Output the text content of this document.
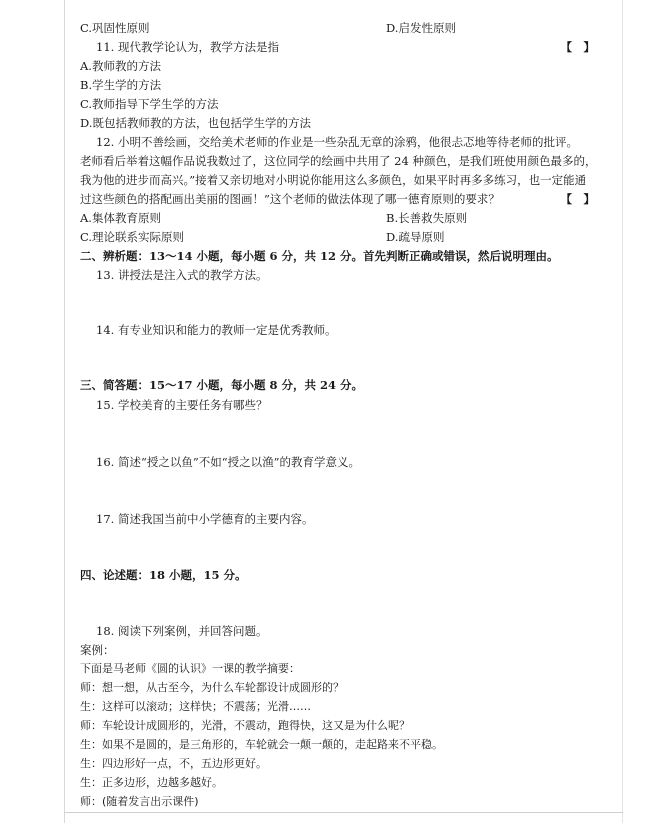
C.巩固性原则	D.启发性原则
11. 现代教学论认为，教学方法是指	【　】
A.教师教的方法
B.学生学的方法
C.教师指导下学生学的方法
D.既包括教师教的方法，也包括学生学的方法
12. 小明不善绘画，交给美术老师的作业是一些杂乱无章的涂鸦，他很忐忑地等待老师的批评。
老师看后举着这幅作品说我数过了，这位同学的绘画中共用了 24 种颜色，是我们班使用颜色最多的，
我为他的进步而高兴。”接着又亲切地对小明说你能用这么多颜色，如果平时再多多练习，也一定能通
过这些颜色的搭配画出美丽的图画！”这个老师的做法体现了哪一德育原则的要求？	【　】
A.集体教育原则	B.长善救失原则
C.理论联系实际原则	D.疏导原则
二、辨析题：13～14 小题，每小题 6 分，共 12 分。首先判断正确或错误，然后说明理由。
13. 讲授法是注入式的教学方法。
14. 有专业知识和能力的教师一定是优秀教师。
三、简答题：15～17 小题，每小题 8 分，共 24 分。
15. 学校美育的主要任务有哪些？
16. 简述“授之以鱼”不如“授之以渔”的教育学意义。
17. 简述我国当前中小学德育的主要内容。
四、论述题：18 小题，15 分。
18. 阅读下列案例，并回答问题。
案例：
下面是马老师《圆的认识》一课的教学摘要：
师：想一想，从古至今，为什么车轮都设计成圆形的？
生：这样可以滚动；这样快；不震荡；光滑……
师：车轮设计成圆形的，光滑，不震动，跑得快，这又是为什么呢？
生：如果不是圆的，是三角形的，车轮就会一颠一颠的，走起路来不平稳。
生：四边形好一点，不，五边形更好。
生：正多边形，边越多越好。
师：(随着发言出示课件)
